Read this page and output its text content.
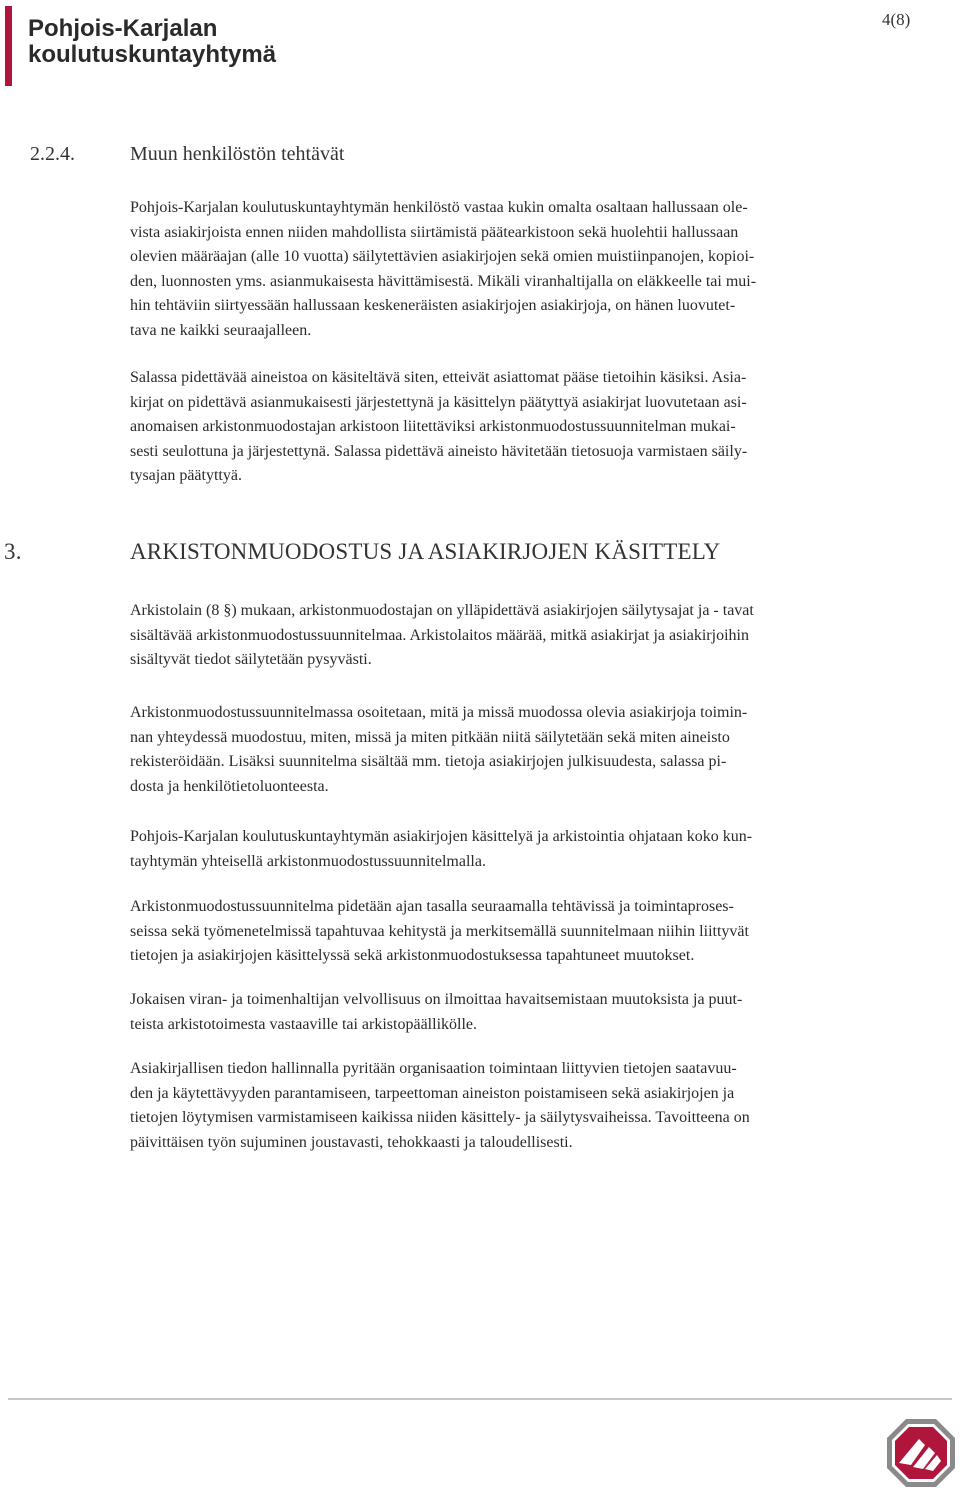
Pohjois-Karjalan
koulutuskuntayhtymä
4(8)
2.2.4.	Muun henkilöstön tehtävät

Pohjois-Karjalan koulutuskuntayhtymän henkilöstö vastaa kukin omalta osaltaan hallussaan ole-
vista asiakirjoista ennen niiden mahdollista siirtämistä päätearkistoon sekä huolehtii hallussaan
olevien määräajan (alle 10 vuotta) säilytettävien asiakirjojen sekä omien muistiinpanojen, kopioi-
den, luonnosten yms. asianmukaisesta hävittämisestä. Mikäli viranhaltijalla on eläkkeelle tai mui-
hin tehtäviin siirtyessään hallussaan keskeneräisten asiakirjojen asiakirjoja, on hänen luovutet-
tava ne kaikki seuraajalleen.

Salassa pidettävää aineistoa on käsiteltävä siten, etteivät asiattomat pääse tietoihin käsiksi. Asia-
kirjat on pidettävä asianmukaisesti järjestettynä ja käsittelyn päätyttyä asiakirjat luovutetaan asi-
anomaisen arkistonmuodostajan arkistoon liitettäviksi arkistonmuodostussuunnitelman mukai-
sesti seulottuna ja järjestettynä. Salassa pidettävä aineisto hävitetään tietosuoja varmistaen säily-
tysajan päätyttyä.

3.	ARKISTONMUODOSTUS JA ASIAKIRJOJEN KÄSITTELY

Arkistolain (8 §) mukaan, arkistonmuodostajan on ylläpidettävä asiakirjojen säilytysajat ja - tavat
sisältävää arkistonmuodostussuunnitelmaa. Arkistolaitos määrää, mitkä asiakirjat ja asiakirjoihin
sisältyvät tiedot säilytetään pysyvästi.

Arkistonmuodostussuunnitelmassa osoitetaan, mitä ja missä muodossa olevia asiakirjoja toimin-
nan yhteydessä muodostuu, miten, missä ja miten pitkään niitä säilytetään sekä miten aineisto
rekisteröidään. Lisäksi suunnitelma sisältää mm. tietoja asiakirjojen julkisuudesta, salassa pi-
dosta ja henkilötietoluonteesta.

Pohjois-Karjalan koulutuskuntayhtymän asiakirjojen käsittelyä ja arkistointia ohjataan koko kun-
tayhtymän yhteisellä arkistonmuodostussuunnitelmalla.

Arkistonmuodostussuunnitelma pidetään ajan tasalla seuraamalla tehtävissä ja toimintaproses-
seissa sekä työmenetelmissä tapahtuvaa kehitystä ja merkitsemällä suunnitelmaan niihin liittyvät
tietojen ja asiakirjojen käsittelyssä sekä arkistonmuodostuksessa tapahtuneet muutokset.

Jokaisen viran- ja toimenhaltijan velvollisuus on ilmoittaa havaitsemistaan muutoksista ja puut-
teista arkistotoimesta vastaaville tai arkistopäällikölle.

Asiakirjallisen tiedon hallinnalla pyritään organisaation toimintaan liittyvien tietojen saatavuu-
den ja käytettävyyden parantamiseen, tarpeettoman aineiston poistamiseen sekä asiakirjojen ja
tietojen löytymisen varmistamiseen kaikissa niiden käsittely- ja säilytysvaiheissa. Tavoitteena on
päivittäisen työn sujuminen joustavasti, tehokkaasti ja taloudellisesti.
